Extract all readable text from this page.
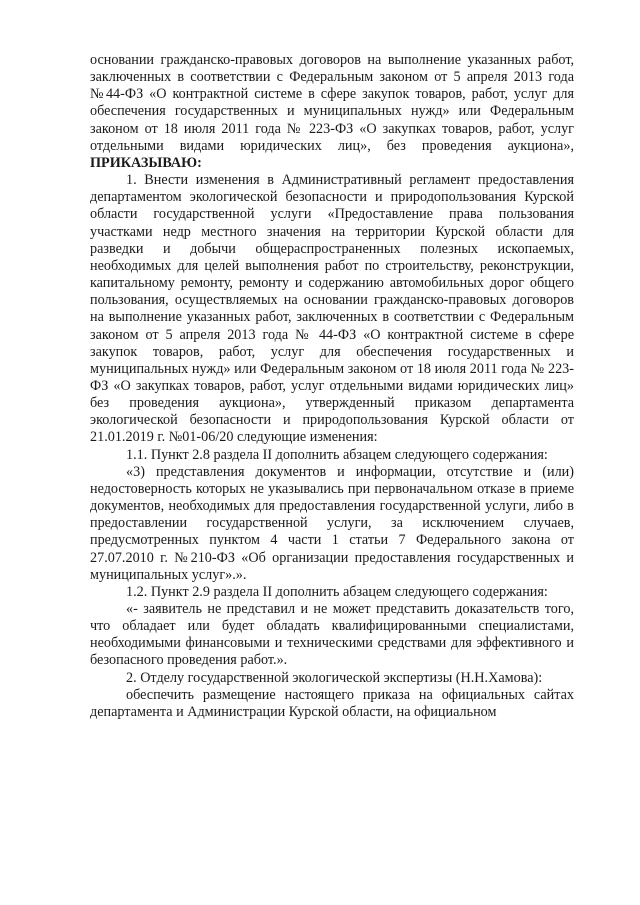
основании гражданско-правовых договоров на выполнение указанных работ, заключенных в соответствии с Федеральным законом от 5 апреля 2013 года №44-ФЗ «О контрактной системе в сфере закупок товаров, работ, услуг для обеспечения государственных и муниципальных нужд» или Федеральным законом от 18 июля 2011 года № 223-ФЗ «О закупках товаров, работ, услуг отдельными видами юридических лиц», без проведения аукциона», ПРИКАЗЫВАЮ:

1. Внести изменения в Административный регламент предоставления департаментом экологической безопасности и природопользования Курской области государственной услуги «Предоставление права пользования участками недр местного значения на территории Курской области для разведки и добычи общераспространенных полезных ископаемых, необходимых для целей выполнения работ по строительству, реконструкции, капитальному ремонту, ремонту и содержанию автомобильных дорог общего пользования, осуществляемых на основании гражданско-правовых договоров на выполнение указанных работ, заключенных в соответствии с Федеральным законом от 5 апреля 2013 года № 44-ФЗ «О контрактной системе в сфере закупок товаров, работ, услуг для обеспечения государственных и муниципальных нужд» или Федеральным законом от 18 июля 2011 года № 223-ФЗ «О закупках товаров, работ, услуг отдельными видами юридических лиц» без проведения аукциона», утвержденный приказом департамента экологической безопасности и природопользования Курской области от 21.01.2019 г. №01-06/20 следующие изменения:

1.1. Пункт 2.8 раздела II дополнить абзацем следующего содержания:

«3) представления документов и информации, отсутствие и (или) недостоверность которых не указывались при первоначальном отказе в приеме документов, необходимых для предоставления государственной услуги, либо в предоставлении государственной услуги, за исключением случаев, предусмотренных пунктом 4 части 1 статьи 7 Федерального закона от 27.07.2010 г. №210-ФЗ «Об организации предоставления государственных и муниципальных услуг».».

1.2. Пункт 2.9 раздела II дополнить абзацем следующего содержания:

«- заявитель не представил и не может представить доказательств того, что обладает или будет обладать квалифицированными специалистами, необходимыми финансовыми и техническими средствами для эффективного и безопасного проведения работ.».

2. Отделу государственной экологической экспертизы (Н.Н.Хамова):

обеспечить размещение настоящего приказа на официальных сайтах департамента и Администрации Курской области, на официальном
